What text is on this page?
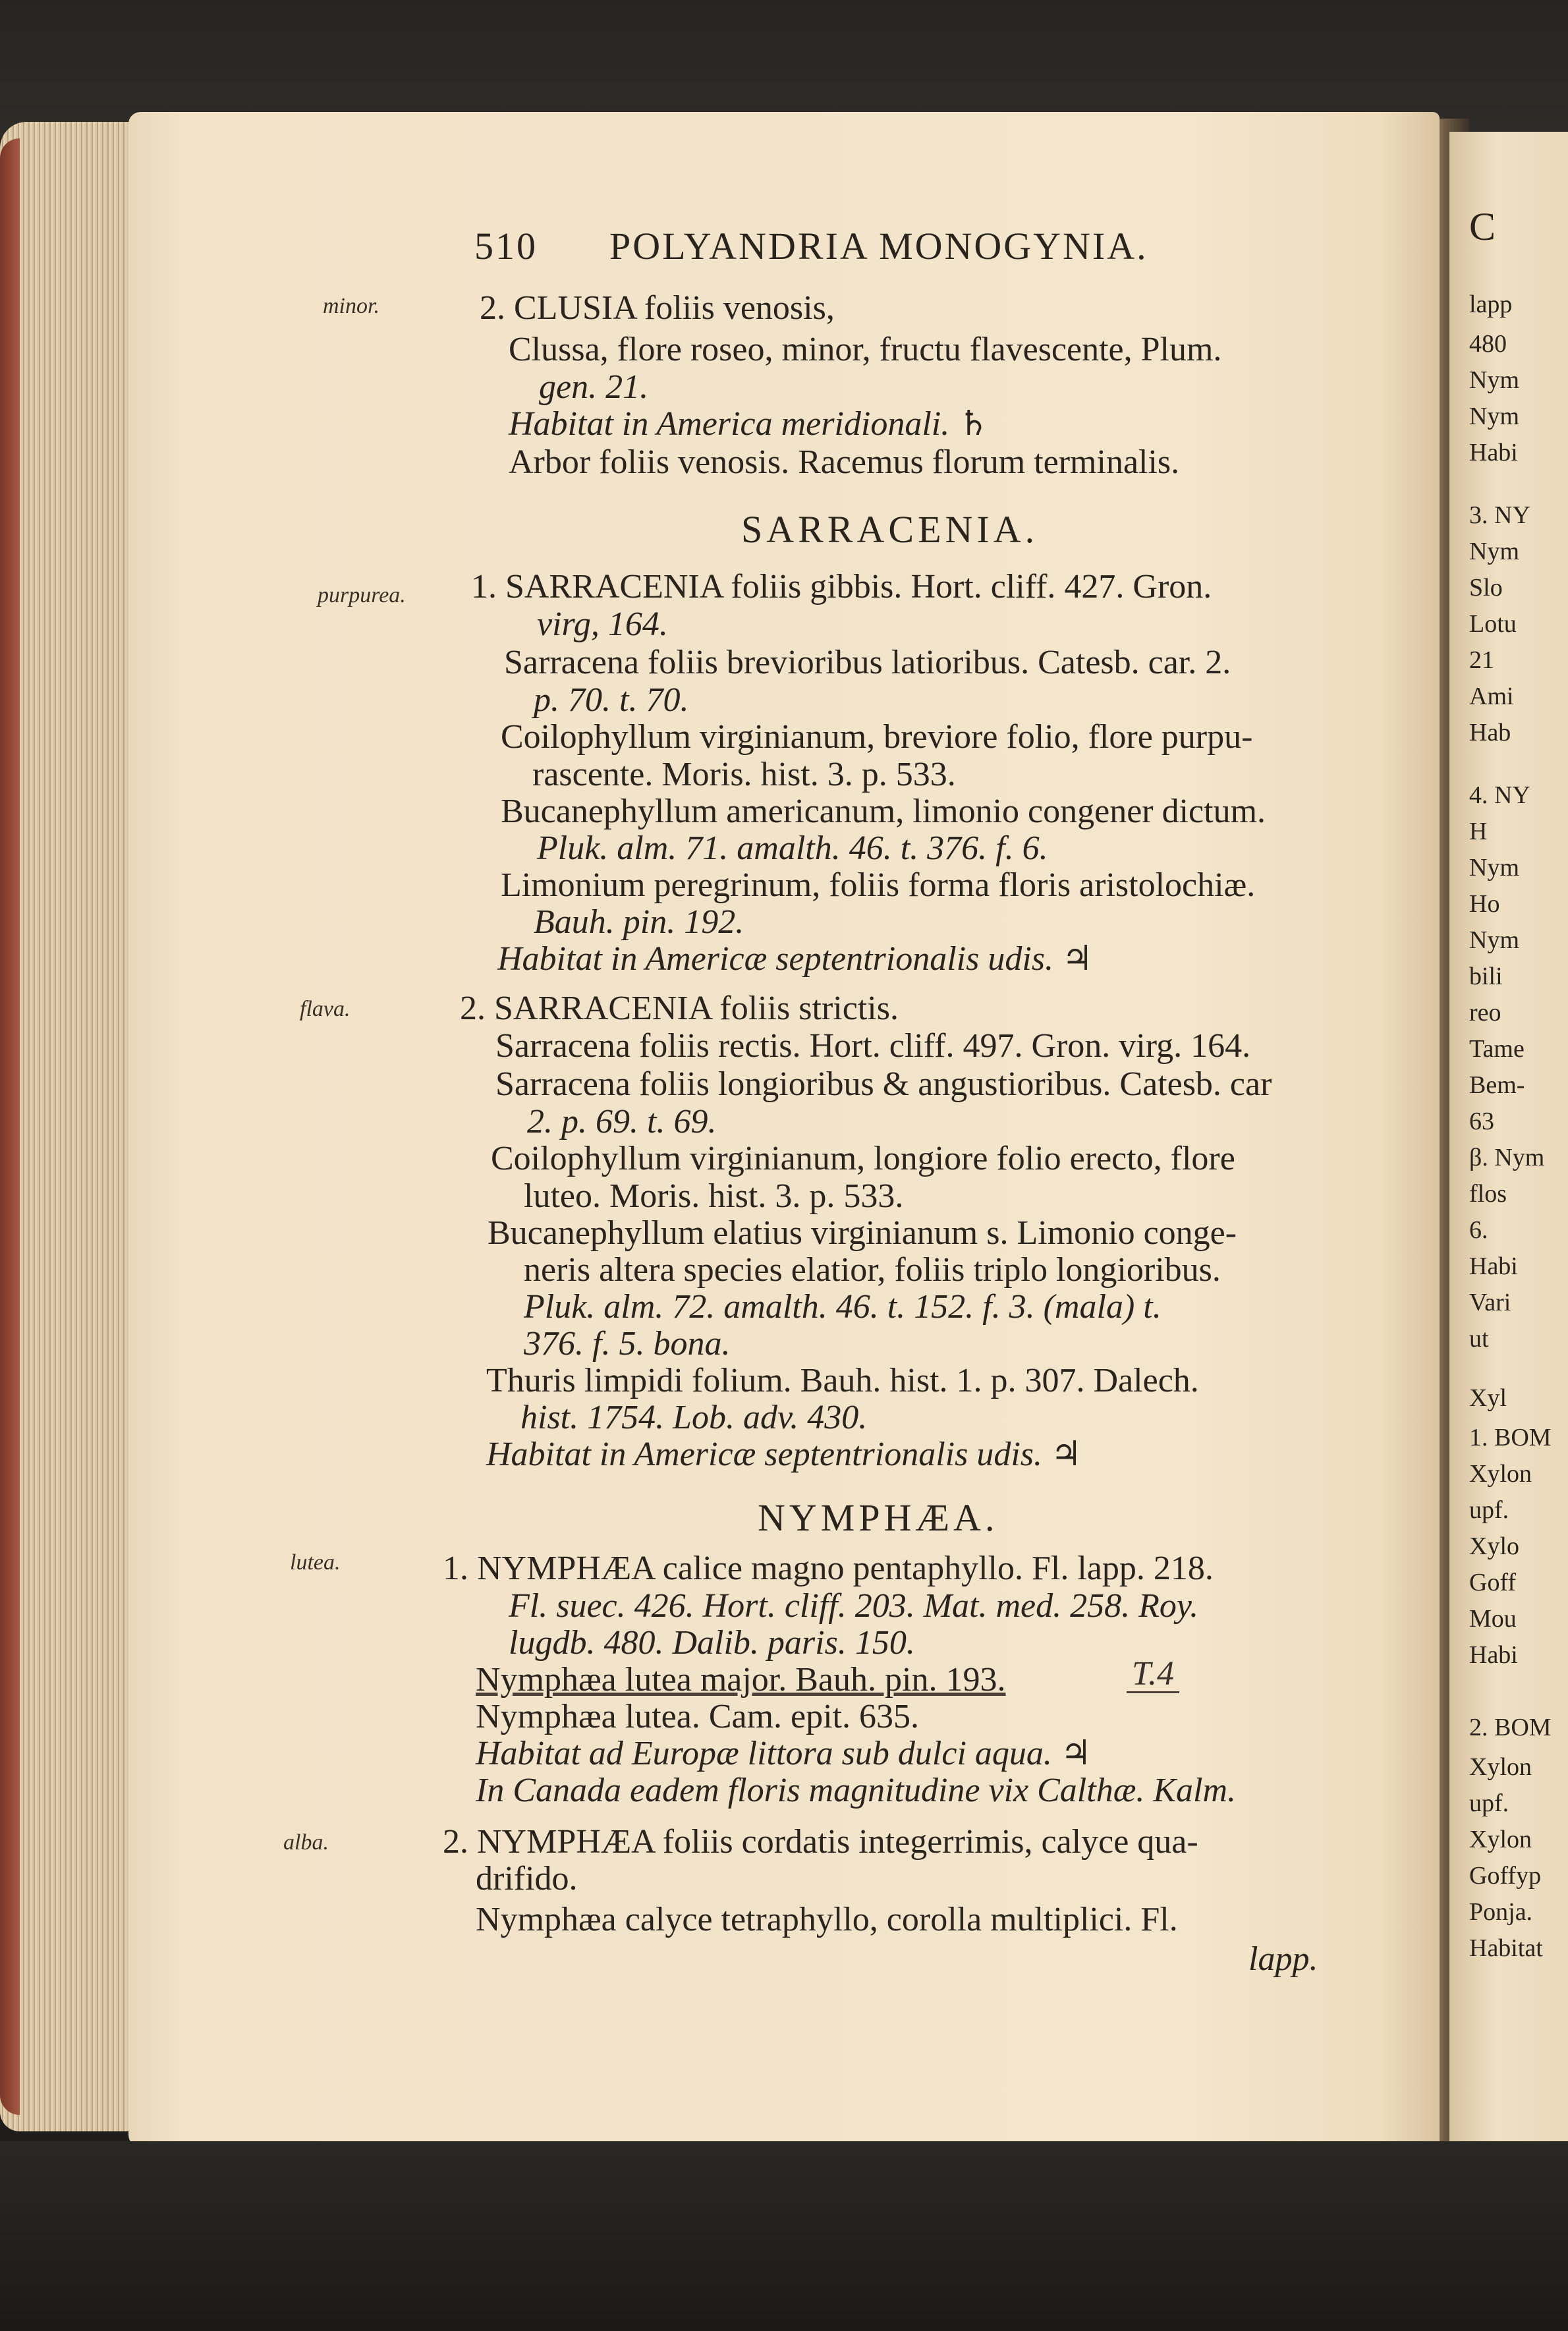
C
lapp
480
Nym
Nym
Habi
3. NY
Nym
Slo
Lotu
21
Ami
Hab
4. NY
H
Nym
Ho
Nym
bili
reo
Tame
Bem-
63
β. Nym
flos
6.
Habi
Vari
ut
Xyl
1. BOM
Xylon
upf.
Xylo
Goff
Mou
Habi
2. BOM
Xylon
upf.
Xylon
Goffyp
Ponja.
Habitat
510 POLYANDRIA MONOGYNIA.
minor.
purpurea.
flava.
lutea.
alba.
2. CLUSIA foliis venosis,
Clussa, flore roseo, minor, fructu flavescente, Plum.
gen. 21.
Habitat in America meridionali. ♄
Arbor foliis venosis. Racemus florum terminalis.
SARRACENIA.
1. SARRACENIA foliis gibbis. Hort. cliff. 427. Gron.
virg, 164.
Sarracena foliis brevioribus latioribus. Catesb. car. 2.
p. 70. t. 70.
Coilophyllum virginianum, breviore folio, flore purpu-
rascente. Moris. hist. 3. p. 533.
Bucanephyllum americanum, limonio congener dictum.
Pluk. alm. 71. amalth. 46. t. 376. f. 6.
Limonium peregrinum, foliis forma floris aristolochiæ.
Bauh. pin. 192.
Habitat in Americæ septentrionalis udis. ♃
2. SARRACENIA foliis strictis.
Sarracena foliis rectis. Hort. cliff. 497. Gron. virg. 164.
Sarracena foliis longioribus & angustioribus. Catesb. car
2. p. 69. t. 69.
Coilophyllum virginianum, longiore folio erecto, flore
luteo. Moris. hist. 3. p. 533.
Bucanephyllum elatius virginianum s. Limonio conge-
neris altera species elatior, foliis triplo longioribus.
Pluk. alm. 72. amalth. 46. t. 152. f. 3. (mala) t.
376. f. 5. bona.
Thuris limpidi folium. Bauh. hist. 1. p. 307. Dalech.
hist. 1754. Lob. adv. 430.
Habitat in Americæ septentrionalis udis. ♃
NYMPHÆA.
1. NYMPHÆA calice magno pentaphyllo. Fl. lapp. 218.
Fl. suec. 426. Hort. cliff. 203. Mat. med. 258. Roy.
lugdb. 480. Dalib. paris. 150.
Nymphæa lutea major. Bauh. pin. 193.	T.4
Nymphæa lutea. Cam. epit. 635.
Habitat ad Europæ littora sub dulci aqua. ♃
In Canada eadem floris magnitudine vix Calthæ. Kalm.
2. NYMPHÆA foliis cordatis integerrimis, calyce qua-
drifido.
Nymphæa calyce tetraphyllo, corolla multiplici. Fl.
lapp.
